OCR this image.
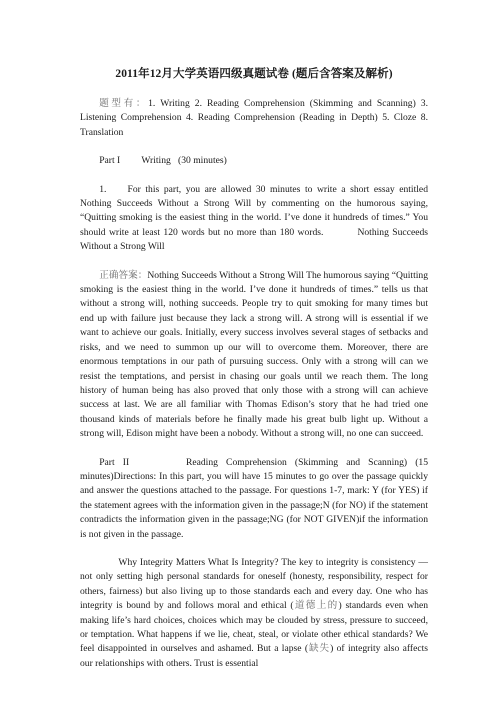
2011年12月大学英语四级真题试卷 (题后含答案及解析)

题型有：1. Writing 2. Reading Comprehension (Skimming and Scanning) 3. Listening Comprehension 4. Reading Comprehension (Reading in Depth) 5. Cloze 8. Translation

Part I Writing (30 minutes)

1. For this part, you are allowed 30 minutes to write a short essay entitled Nothing Succeeds Without a Strong Will by commenting on the humorous saying, “Quitting smoking is the easiest thing in the world. I’ve done it hundreds of times.” You should write at least 120 words but no more than 180 words.	Nothing Succeeds Without a Strong Will

正确答案：Nothing Succeeds Without a Strong Will The humorous saying “Quitting smoking is the easiest thing in the world. I’ve done it hundreds of times.” tells us that without a strong will, nothing succeeds. People try to quit smoking for many times but end up with failure just because they lack a strong will. A strong will is essential if we want to achieve our goals. Initially, every success involves several stages of setbacks and risks, and we need to summon up our will to overcome them. Moreover, there are enormous temptations in our path of pursuing success. Only with a strong will can we resist the temptations, and persist in chasing our goals until we reach them. The long history of human being has also proved that only those with a strong will can achieve success at last. We are all familiar with Thomas Edison’s story that he had tried one thousand kinds of materials before he finally made his great bulb light up. Without a strong will, Edison might have been a nobody. Without a strong will, no one can succeed.

Part II	Reading Comprehension (Skimming and Scanning) (15 minutes)Directions: In this part, you will have 15 minutes to go over the passage quickly and answer the questions attached to the passage. For questions 1-7, mark: Y (for YES) if the statement agrees with the information given in the passage;N (for NO) if the statement contradicts the information given in the passage;NG (for NOT GIVEN)if the information is not given in the passage.

Why Integrity Matters What Is Integrity? The key to integrity is consistency — not only setting high personal standards for oneself (honesty, responsibility, respect for others, fairness) but also living up to those standards each and every day. One who has integrity is bound by and follows moral and ethical (道德上的) standards even when making life’s hard choices, choices which may be clouded by stress, pressure to succeed, or temptation. What happens if we lie, cheat, steal, or violate other ethical standards? We feel disappointed in ourselves and ashamed. But a lapse (缺失) of integrity also affects our relationships with others. Trust is essential
